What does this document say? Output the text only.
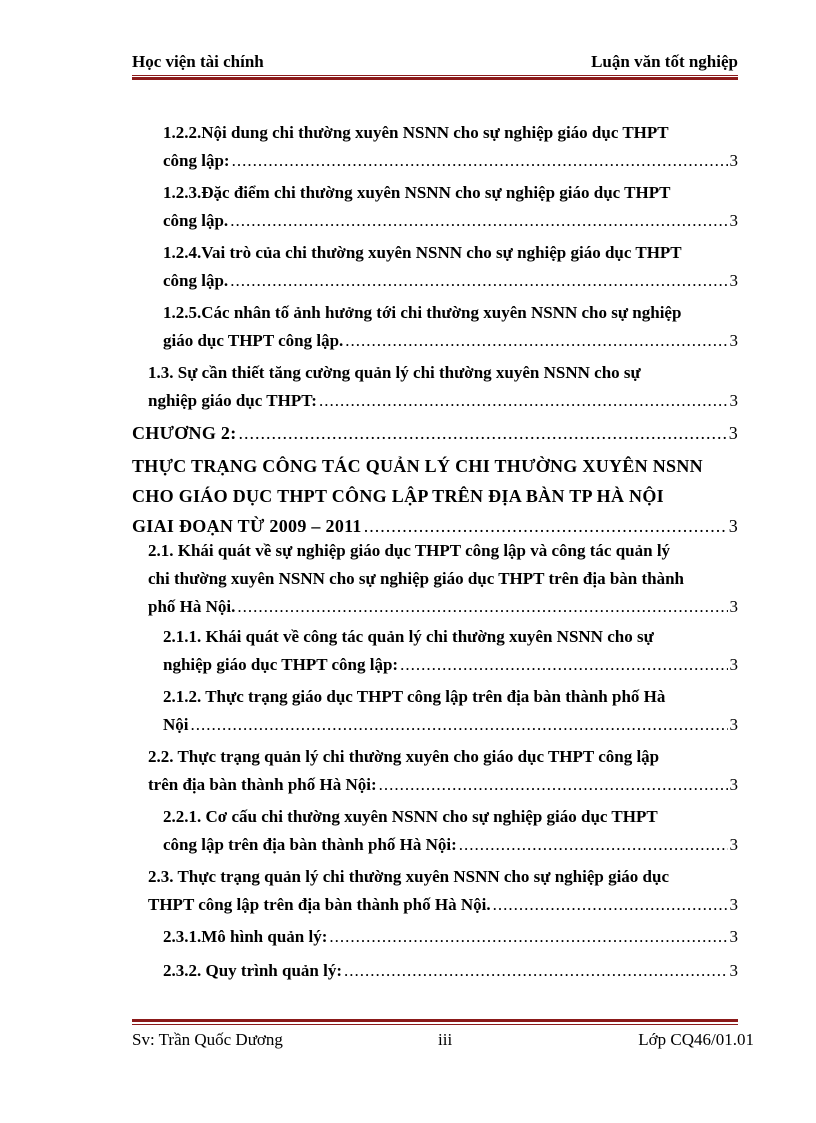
Học viện tài chính	Luận văn tốt nghiệp
1.2.2.Nội dung chi thường xuyên NSNN cho sự nghiệp giáo dục THPT
công lập: .....	3
1.2.3.Đặc điểm chi thường xuyên NSNN cho sự nghiệp giáo dục THPT
công lập. .....	3
1.2.4.Vai trò của chi thường xuyên NSNN cho sự nghiệp giáo dục THPT
công lập. .....	3
1.2.5.Các nhân tố ảnh hưởng tới chi thường xuyên NSNN cho sự nghiệp
giáo dục THPT công lập. .....	3
1.3. Sự cần thiết tăng cường quản lý chi thường xuyên NSNN cho sự
nghiệp giáo dục THPT: .....	3
CHƯƠNG 2: .....	3
THỰC TRẠNG CÔNG TÁC QUẢN LÝ CHI THƯỜNG XUYÊN NSNN
CHO GIÁO DỤC THPT CÔNG LẬP TRÊN ĐỊA BÀN TP HÀ NỘI
GIAI ĐOẠN TỪ 2009 – 2011 .....	3
2.1. Khái quát về sự nghiệp giáo dục THPT công lập và công tác quản lý
chi thường xuyên NSNN cho sự nghiệp giáo dục THPT trên địa bàn thành
phố Hà Nội. .....	3
2.1.1. Khái quát về công tác quản lý chi thường xuyên NSNN cho sự
nghiệp giáo dục THPT công lập: .....	3
2.1.2. Thực trạng giáo dục THPT công lập trên địa bàn thành phố Hà
Nội .....	3
2.2. Thực trạng quản lý chi thường xuyên cho giáo dục THPT công lập
trên địa bàn thành phố Hà Nội: .....	3
2.2.1. Cơ cấu chi thường xuyên NSNN cho sự nghiệp giáo dục THPT
công lập trên địa bàn thành phố Hà Nội: .....	3
2.3. Thực trạng quản lý chi thường xuyên NSNN cho sự nghiệp giáo dục
THPT công lập trên địa bàn thành phố Hà Nội. .....	3
2.3.1.Mô hình quản lý: .....	3
2.3.2. Quy trình quản lý: .....	3
Sv: Trần Quốc Dương	iii	Lớp CQ46/01.01
